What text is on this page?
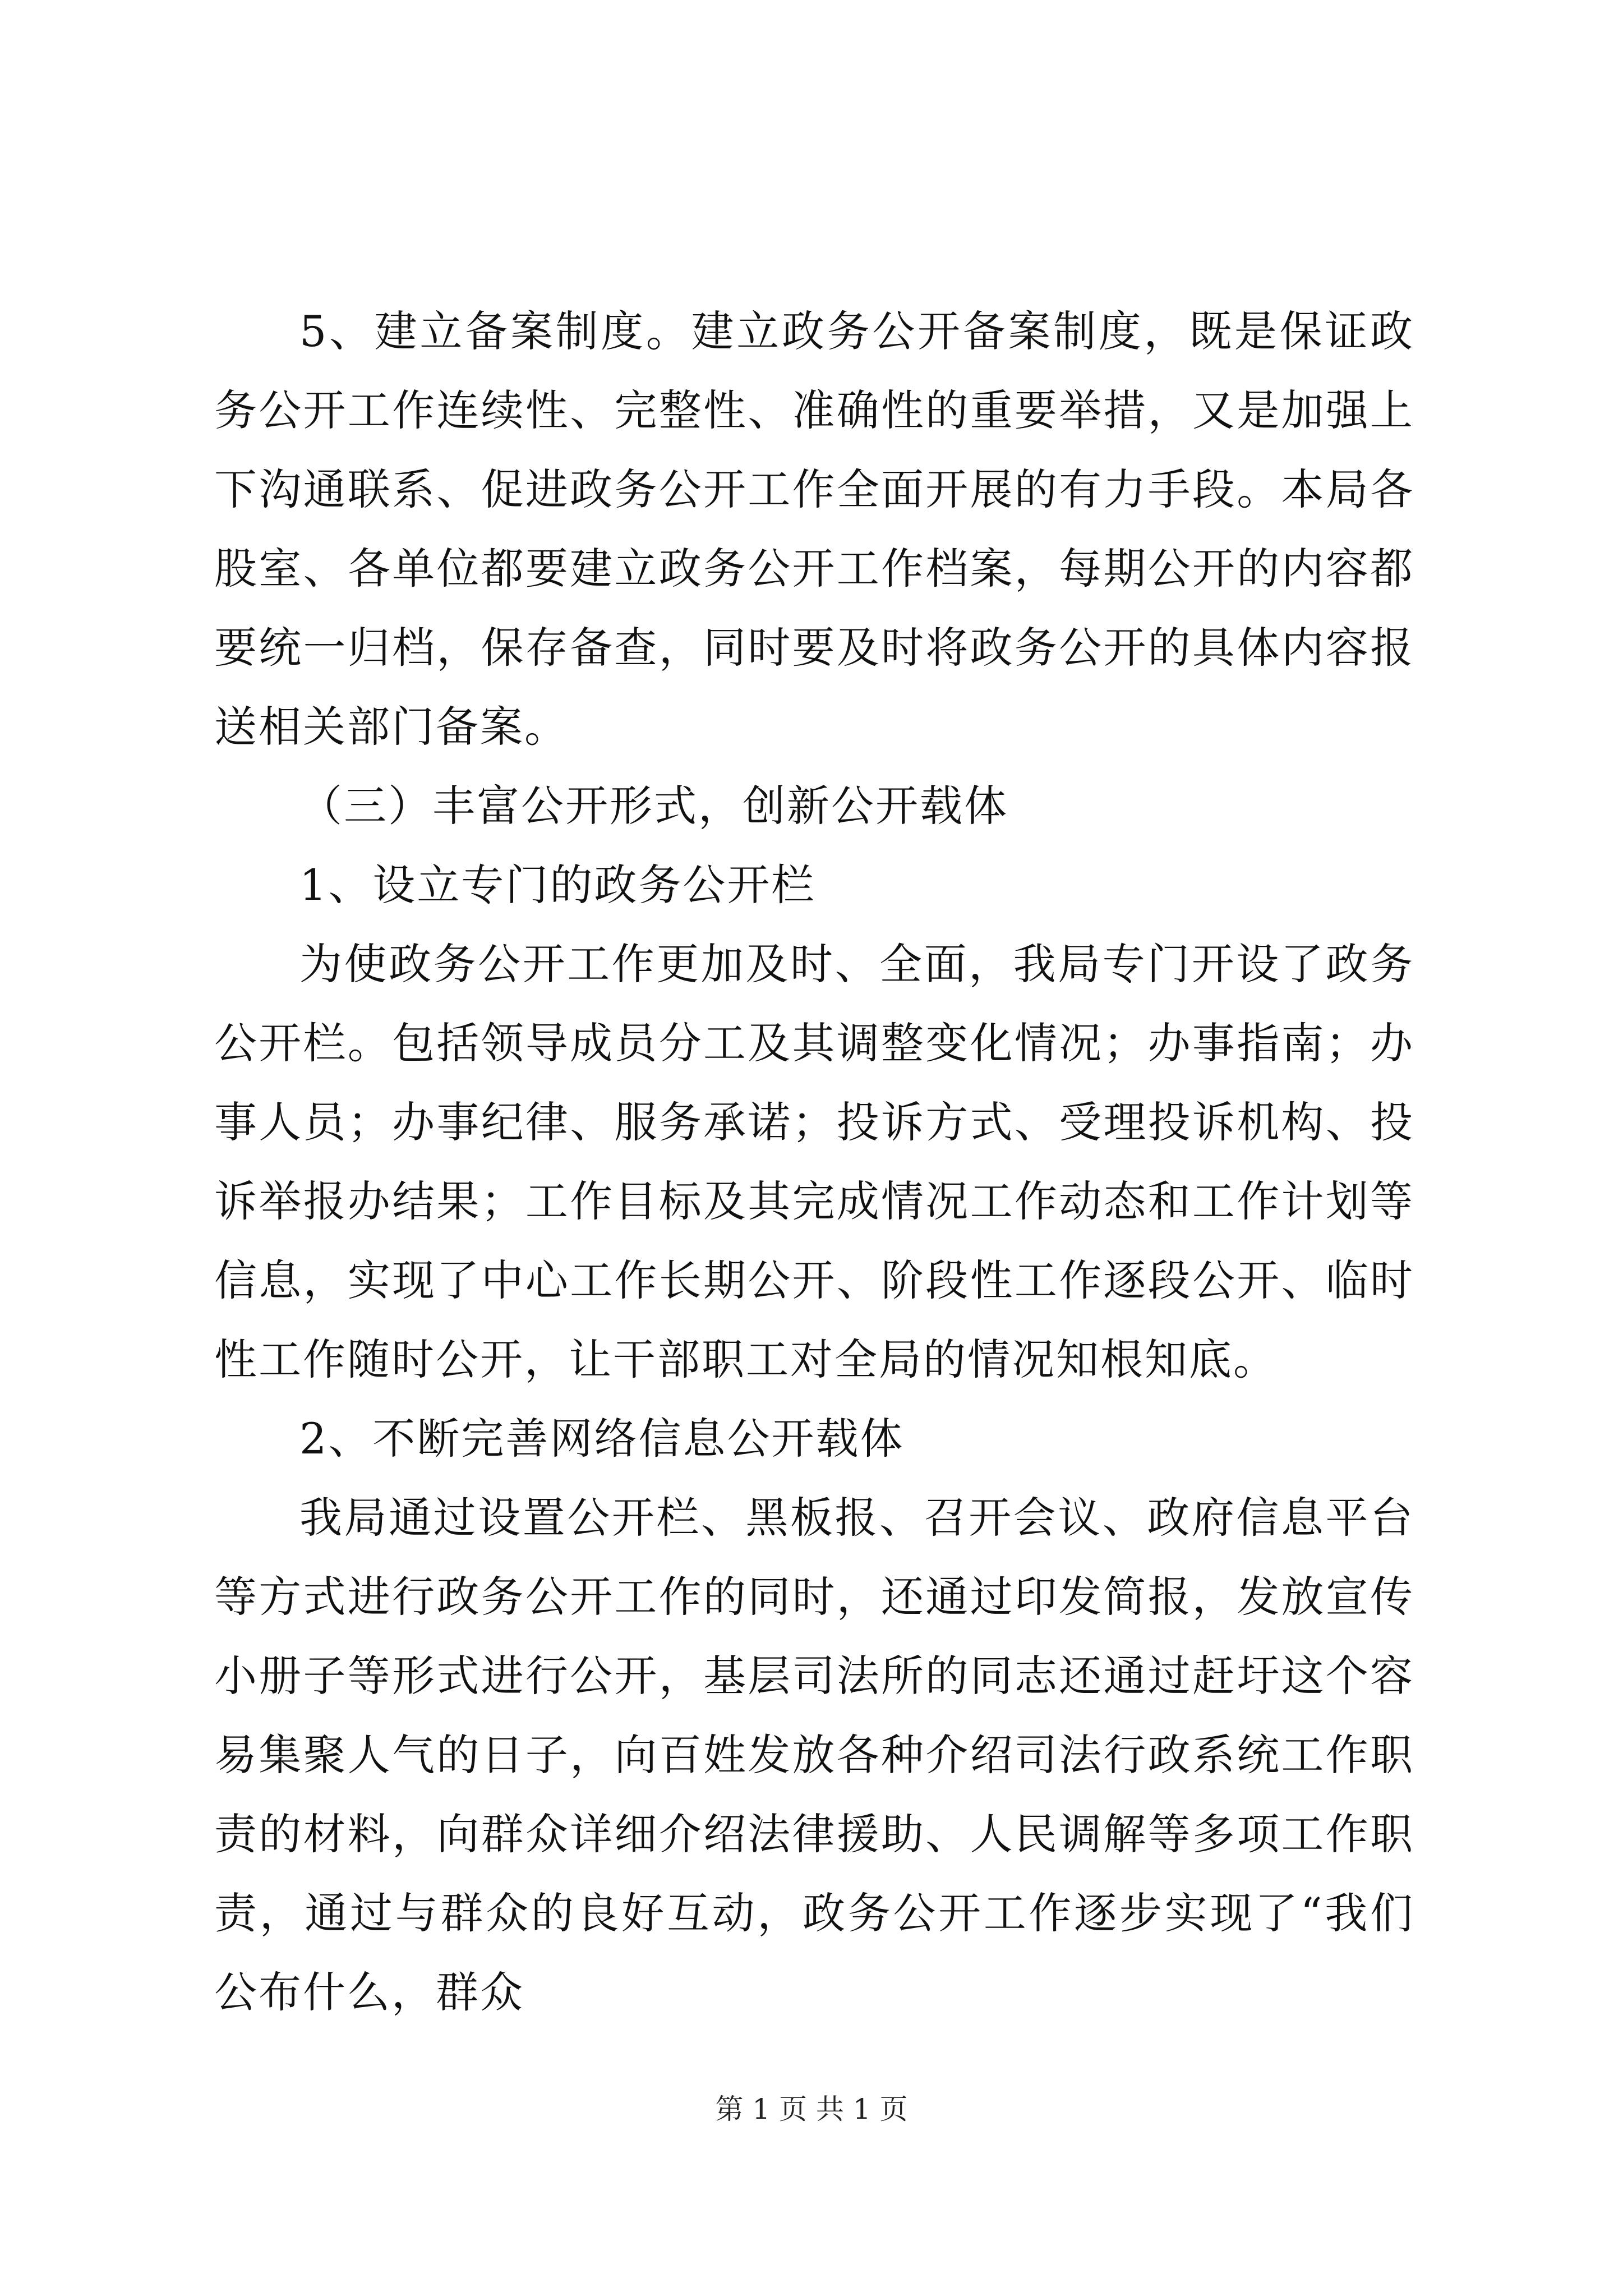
5、建立备案制度。建立政务公开备案制度，既是保证政务公开工作连续性、完整性、准确性的重要举措，又是加强上下沟通联系、促进政务公开工作全面开展的有力手段。本局各股室、各单位都要建立政务公开工作档案，每期公开的内容都要统一归档，保存备查，同时要及时将政务公开的具体内容报送相关部门备案。

（三）丰富公开形式，创新公开载体

1、设立专门的政务公开栏

为使政务公开工作更加及时、全面，我局专门开设了政务公开栏。包括领导成员分工及其调整变化情况；办事指南；办事人员；办事纪律、服务承诺；投诉方式、受理投诉机构、投诉举报办结果；工作目标及其完成情况工作动态和工作计划等信息，实现了中心工作长期公开、阶段性工作逐段公开、临时性工作随时公开，让干部职工对全局的情况知根知底。

2、不断完善网络信息公开载体

我局通过设置公开栏、黑板报、召开会议、政府信息平台等方式进行政务公开工作的同时，还通过印发简报，发放宣传小册子等形式进行公开，基层司法所的同志还通过赶圩这个容易集聚人气的日子，向百姓发放各种介绍司法行政系统工作职责的材料，向群众详细介绍法律援助、人民调解等多项工作职责，通过与群众的良好互动，政务公开工作逐步实现了“我们公布什么，群众

第 1 页 共 1 页
